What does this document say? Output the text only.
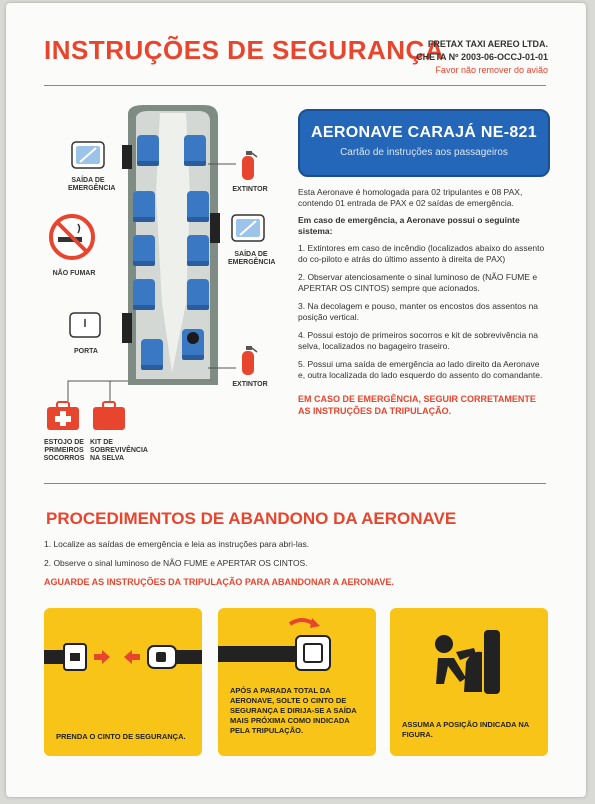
INSTRUÇÕES DE SEGURANÇA
FRETAX TAXI AEREO LTDA.
CHETA Nº 2003-06-OCCJ-01-01
Favor não remover do avião
SAÍDA DE EMERGÊNCIA
NÃO FUMAR
PORTA
ESTOJO DE PRIMEIROS SOCORROS
KIT DE SOBREVIVÊNCIA NA SELVA
EXTINTOR
SAÍDA DE EMERGÊNCIA
EXTINTOR
AERONAVE CARAJÁ NE-821
Cartão de instruções aos passageiros
Esta Aeronave é homologada para 02 tripulantes e 08 PAX, contendo 01 entrada de PAX e 02 saídas de emergência.
Em caso de emergência, a Aeronave possui o seguinte sistema:
1. Extintores em caso de incêndio (localizados abaixo do assento do co-piloto e atrás do último assento à direita de PAX)
2. Observar atenciosamente o sinal luminoso de (NÃO FUME e APERTAR OS CINTOS) sempre que acionados.
3. Na decolagem e pouso, manter os encostos dos assentos na posição vertical.
4. Possui estojo de primeiros socorros e kit de sobrevivência na selva, localizados no bagageiro traseiro.
5. Possui uma saída de emergência ao lado direito da Aeronave e, outra localizada do lado esquerdo do assento do comandante.
EM CASO DE EMERGÊNCIA, SEGUIR CORRETAMENTE AS INSTRUÇÕES DA TRIPULAÇÃO.
PROCEDIMENTOS DE ABANDONO DA AERONAVE
1. Localize as saídas de emergência e leia as instruções para abri-las.
2. Observe o sinal luminoso de NÃO FUME e APERTAR OS CINTOS.
AGUARDE AS INSTRUÇÕES DA TRIPULAÇÃO PARA ABANDONAR A AERONAVE.
PRENDA O CINTO DE SEGURANÇA.
APÓS A PARADA TOTAL DA AERONAVE, SOLTE O CINTO DE SEGURANÇA E DIRIJA-SE A SAÍDA MAIS PRÓXIMA COMO INDICADA PELA TRIPULAÇÃO.
ASSUMA A POSIÇÃO INDICADA NA FIGURA.
